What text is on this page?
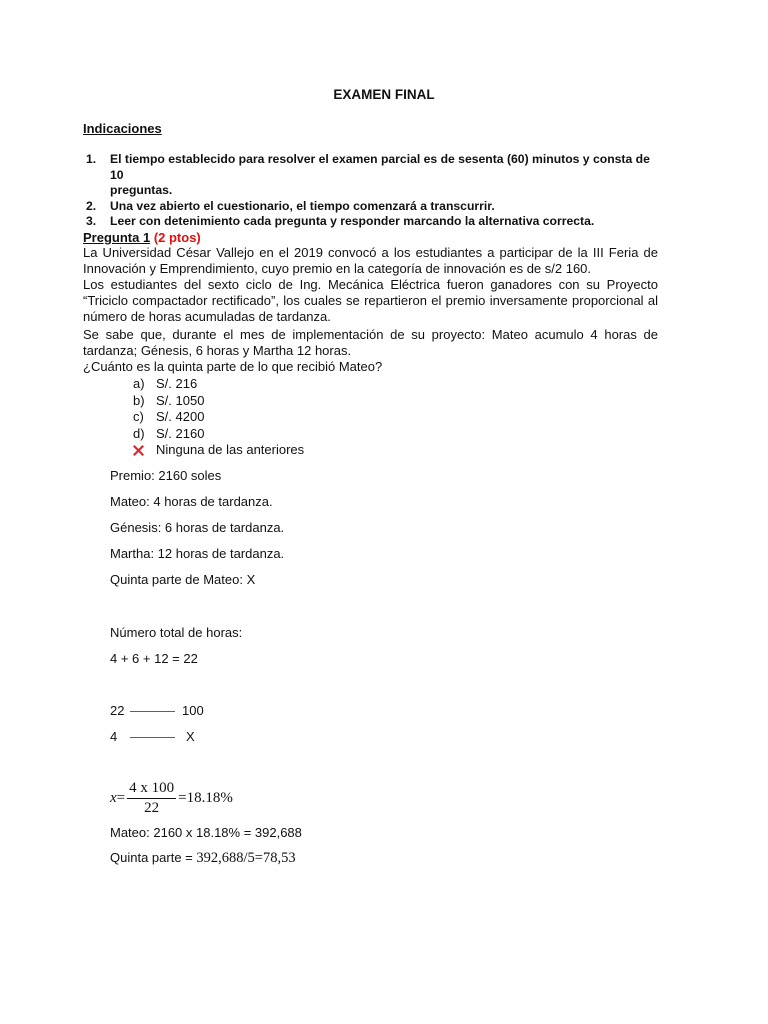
EXAMEN FINAL
Indicaciones
1. El tiempo establecido para resolver el examen parcial es de sesenta (60) minutos y consta de 10
preguntas.
2. Una vez abierto el cuestionario, el tiempo comenzará a transcurrir.
3. Leer con detenimiento cada pregunta y responder marcando la alternativa correcta.
Pregunta 1 (2 ptos)
La Universidad César Vallejo en el 2019 convocó a los estudiantes a participar de la III Feria de
Innovación y Emprendimiento, cuyo premio en la categoría de innovación es de s/2 160.
Los estudiantes del sexto ciclo de Ing. Mecánica Eléctrica fueron ganadores con su Proyecto
“Triciclo compactador rectificado”, los cuales se repartieron el premio inversamente proporcional al
número de horas acumuladas de tardanza.
Se sabe que, durante el mes de implementación de su proyecto: Mateo acumulo 4 horas de
tardanza; Génesis, 6 horas y Martha 12 horas.
¿Cuánto es la quinta parte de lo que recibió Mateo?
a) S/. 216
b) S/. 1050
c) S/. 4200
d) S/. 2160
Ninguna de las anteriores
Premio: 2160 soles
Mateo: 4 horas de tardanza.
Génesis: 6 horas de tardanza.
Martha: 12 horas de tardanza.
Quinta parte de Mateo: X
Número total de horas:
4 + 6 + 12 = 22
22	100
4	X
$x = \frac{4 x 100}{22} = 18.18\%$
Mateo: 2160 x 18.18% = 392,688
Quinta parte = 392,688/5=78,53
